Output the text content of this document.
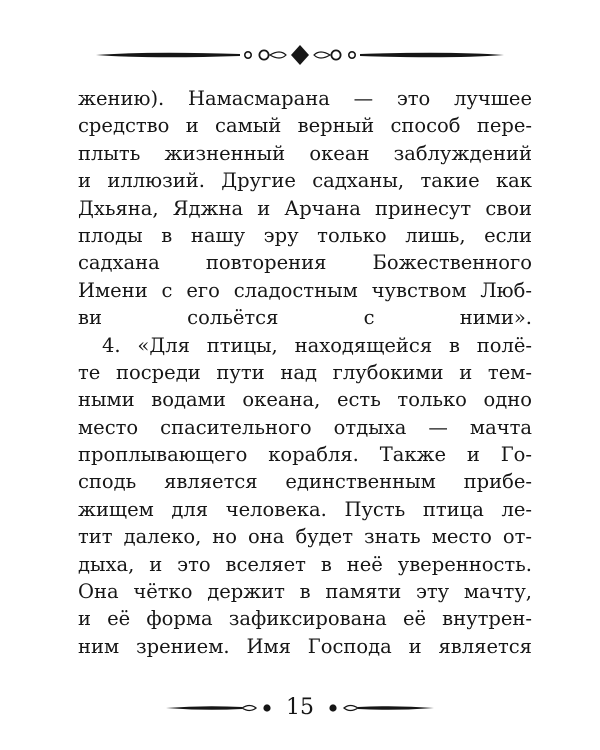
жению). Намасмарана — это лучшее
средство и самый верный способ пере-
плыть жизненный океан заблуждений
и иллюзий. Другие садханы, такие как
Дхьяна, Яджна и Арчана принесут свои
плоды в нашу эру только лишь, если
садхана повторения Божественного
Имени с его сладостным чувством Люб-
ви сольётся с ними».
4. «Для птицы, находящейся в полё-
те посреди пути над глубокими и тем-
ными водами океана, есть только одно
место спасительного отдыха — мачта
проплывающего корабля. Также и Го-
сподь является единственным прибе-
жищем для человека. Пусть птица ле-
тит далеко, но она будет знать место от-
дыха, и это вселяет в неё уверенность.
Она чётко держит в памяти эту мачту,
и её форма зафиксирована её внутрен-
ним зрением. Имя Господа и является
15
